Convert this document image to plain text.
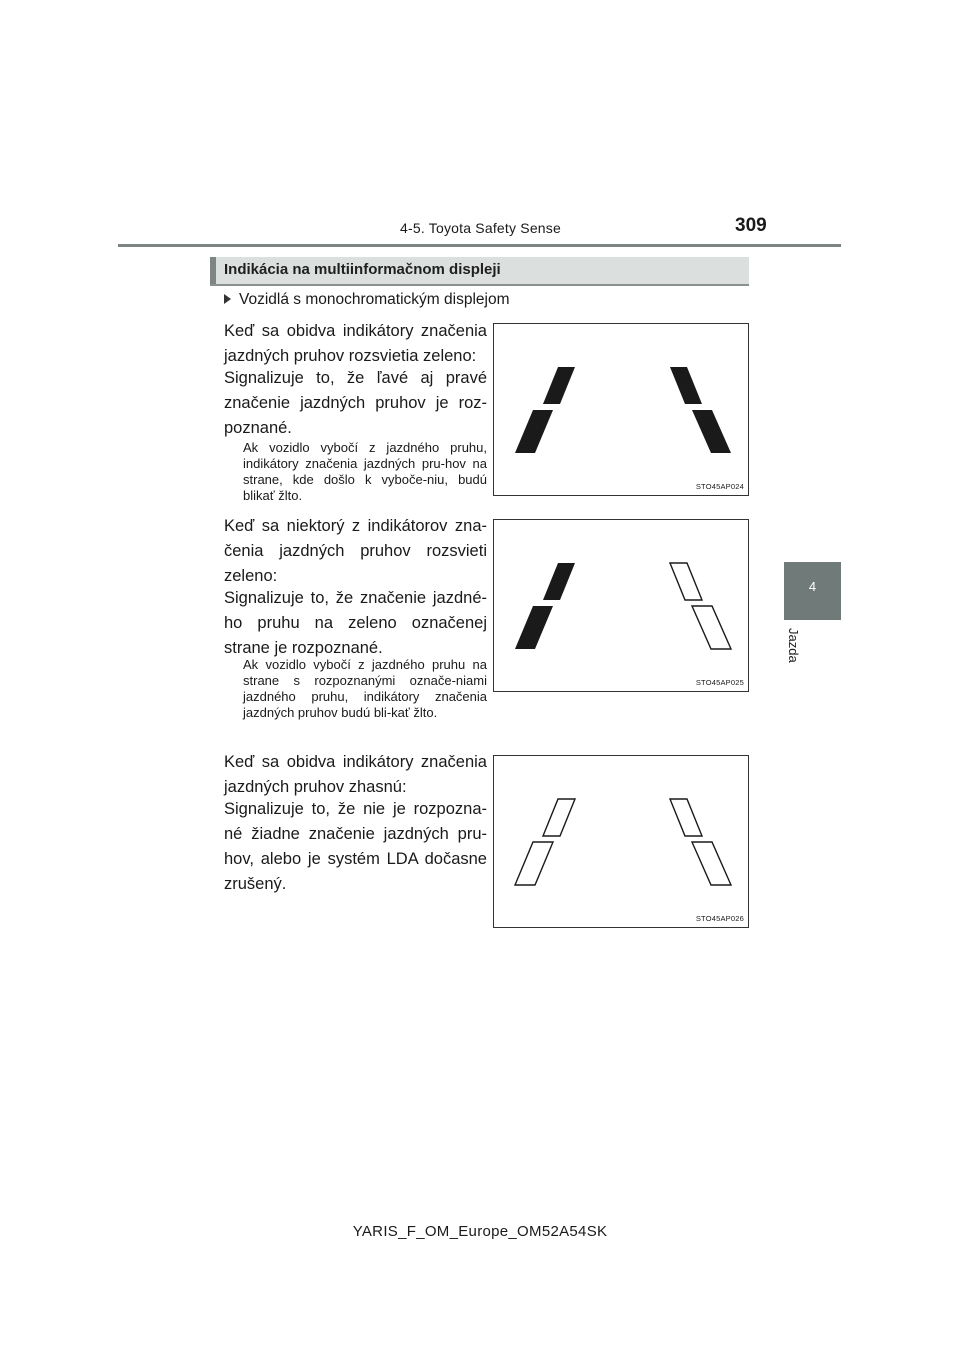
4-5. Toyota Safety Sense	309
4
Jazda
Indikácia na multiinformačnom displeji
Vozidlá s monochromatickým displejom
Keď sa obidva indikátory značenia jazdných pruhov rozsvietia zeleno:
Signalizuje to, že ľavé aj pravé značenie jazdných pruhov je roz-poznané.
Ak vozidlo vybočí z jazdného pruhu, indikátory značenia jazdných pru-hov na strane, kde došlo k vyboče-niu, budú blikať žlto.
STO45AP024
Keď sa niektorý z indikátorov zna-čenia jazdných pruhov rozsvieti zeleno:
Signalizuje to, že značenie jazdné-ho pruhu na zeleno označenej strane je rozpoznané.
Ak vozidlo vybočí z jazdného pruhu na strane s rozpoznanými označe-niami jazdného pruhu, indikátory značenia jazdných pruhov budú bli-kať žlto.
STO45AP025
Keď sa obidva indikátory značenia jazdných pruhov zhasnú:
Signalizuje to, že nie je rozpozna-né žiadne značenie jazdných pru-hov, alebo je systém LDA dočasne zrušený.
STO45AP026
YARIS_F_OM_Europe_OM52A54SK
